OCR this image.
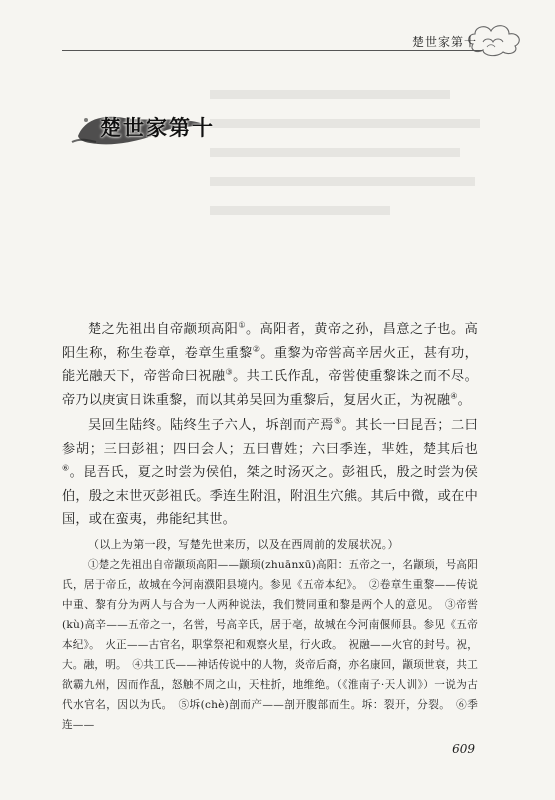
楚世家第十
楚世家第十

楚之先祖出自帝颛顼高阳①。高阳者，黄帝之孙，昌意之子也。高阳生称，称生卷章，卷章生重黎②。重黎为帝喾高辛居火正，甚有功，能光融天下，帝喾命曰祝融③。共工氏作乱，帝喾使重黎诛之而不尽。帝乃以庚寅日诛重黎，而以其弟吴回为重黎后，复居火正，为祝融④。

吴回生陆终。陆终生子六人，坼剖而产焉⑤。其长一曰昆吾；二曰参胡；三曰彭祖；四曰会人；五曰曹姓；六曰季连，芈姓，楚其后也⑥。昆吾氏，夏之时尝为侯伯，桀之时汤灭之。彭祖氏，殷之时尝为侯伯，殷之末世灭彭祖氏。季连生附沮，附沮生穴熊。其后中微，或在中国，或在蛮夷，弗能纪其世。

（以上为第一段，写楚先世来历，以及在西周前的发展状况。）

①楚之先祖出自帝颛顼高阳——颛顼(zhuānxū)高阳：五帝之一，名颛顼，号高阳氏，居于帝丘，故城在今河南濮阳县境内。参见《五帝本纪》。　②卷章生重黎——传说中重、黎有分为两人与合为一人两种说法，我们赞同重和黎是两个人的意见。　③帝喾(kù)高辛——五帝之一，名喾，号高辛氏，居于亳，故城在今河南偃师县。参见《五帝本纪》。　火正——古官名，职掌祭祀和观察火星，行火政。　祝融——火官的封号。祝，大。融，明。　④共工氏——神话传说中的人物，炎帝后裔，亦名康回，颛顼世衰，共工欲霸九州，因而作乱，怒触不周之山，天柱折，地维绝。（《淮南子·天人训》）一说为古代水官名，因以为氏。　⑤坼(chè)剖而产——剖开腹部而生。坼：裂开，分裂。　⑥季连——

609
